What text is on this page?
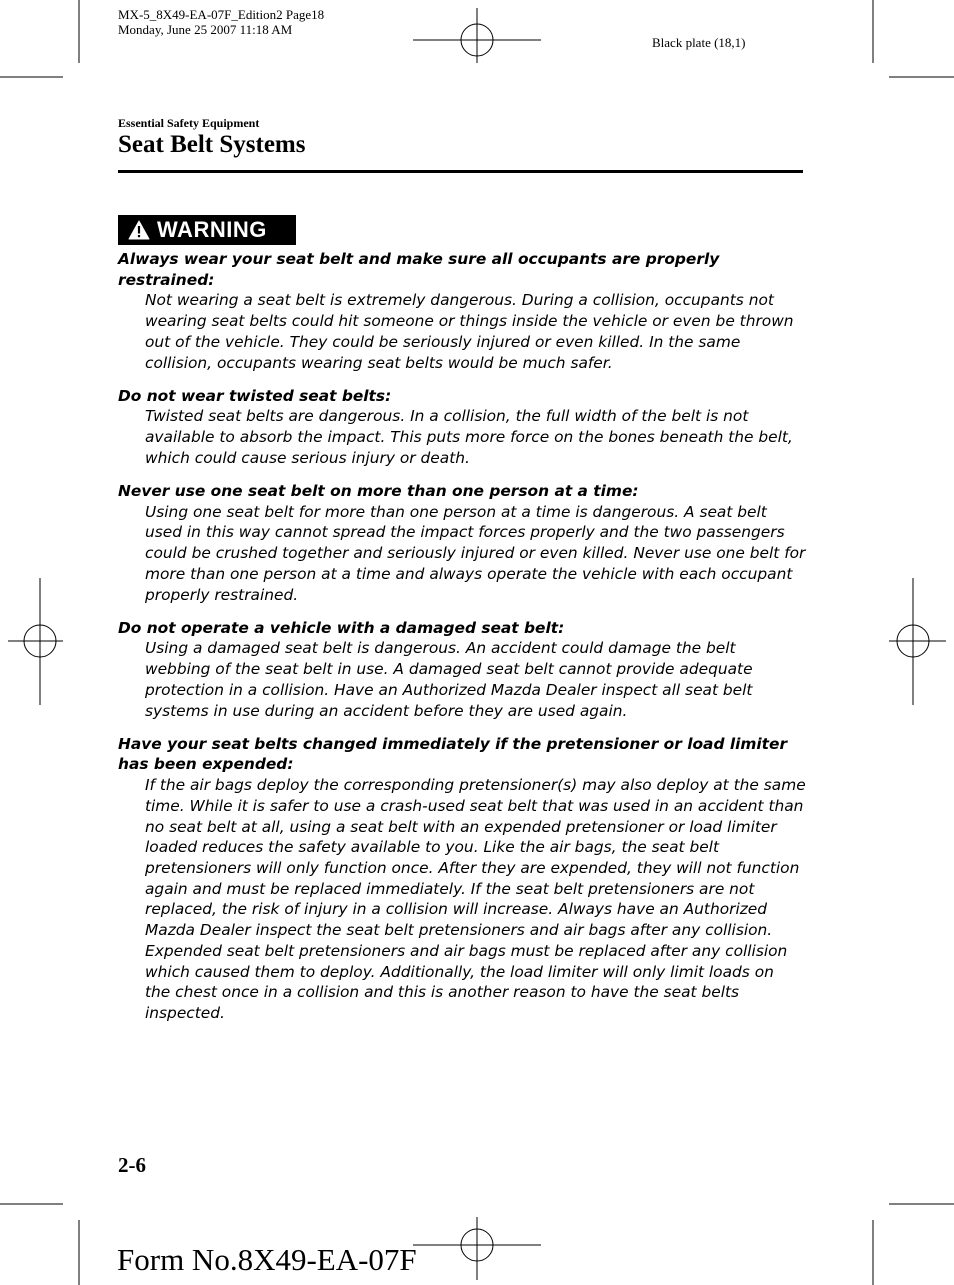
MX-5_8X49-EA-07F_Edition2 Page18
Monday, June 25 2007 11:18 AM
Black plate (18,1)
Essential Safety Equipment
Seat Belt Systems
WARNING
Always wear your seat belt and make sure all occupants are properly restrained:
Not wearing a seat belt is extremely dangerous. During a collision, occupants not
wearing seat belts could hit someone or things inside the vehicle or even be thrown
out of the vehicle. They could be seriously injured or even killed. In the same
collision, occupants wearing seat belts would be much safer.
Do not wear twisted seat belts:
Twisted seat belts are dangerous. In a collision, the full width of the belt is not
available to absorb the impact. This puts more force on the bones beneath the belt,
which could cause serious injury or death.
Never use one seat belt on more than one person at a time:
Using one seat belt for more than one person at a time is dangerous. A seat belt
used in this way cannot spread the impact forces properly and the two passengers
could be crushed together and seriously injured or even killed. Never use one belt for
more than one person at a time and always operate the vehicle with each occupant
properly restrained.
Do not operate a vehicle with a damaged seat belt:
Using a damaged seat belt is dangerous. An accident could damage the belt
webbing of the seat belt in use. A damaged seat belt cannot provide adequate
protection in a collision. Have an Authorized Mazda Dealer inspect all seat belt
systems in use during an accident before they are used again.
Have your seat belts changed immediately if the pretensioner or load limiter has been expended:
If the air bags deploy the corresponding pretensioner(s) may also deploy at the same
time. While it is safer to use a crash-used seat belt that was used in an accident than
no seat belt at all, using a seat belt with an expended pretensioner or load limiter
loaded reduces the safety available to you. Like the air bags, the seat belt
pretensioners will only function once. After they are expended, they will not function
again and must be replaced immediately. If the seat belt pretensioners are not
replaced, the risk of injury in a collision will increase. Always have an Authorized
Mazda Dealer inspect the seat belt pretensioners and air bags after any collision.
Expended seat belt pretensioners and air bags must be replaced after any collision
which caused them to deploy. Additionally, the load limiter will only limit loads on
the chest once in a collision and this is another reason to have the seat belts
inspected.
2-6
Form No.8X49-EA-07F
